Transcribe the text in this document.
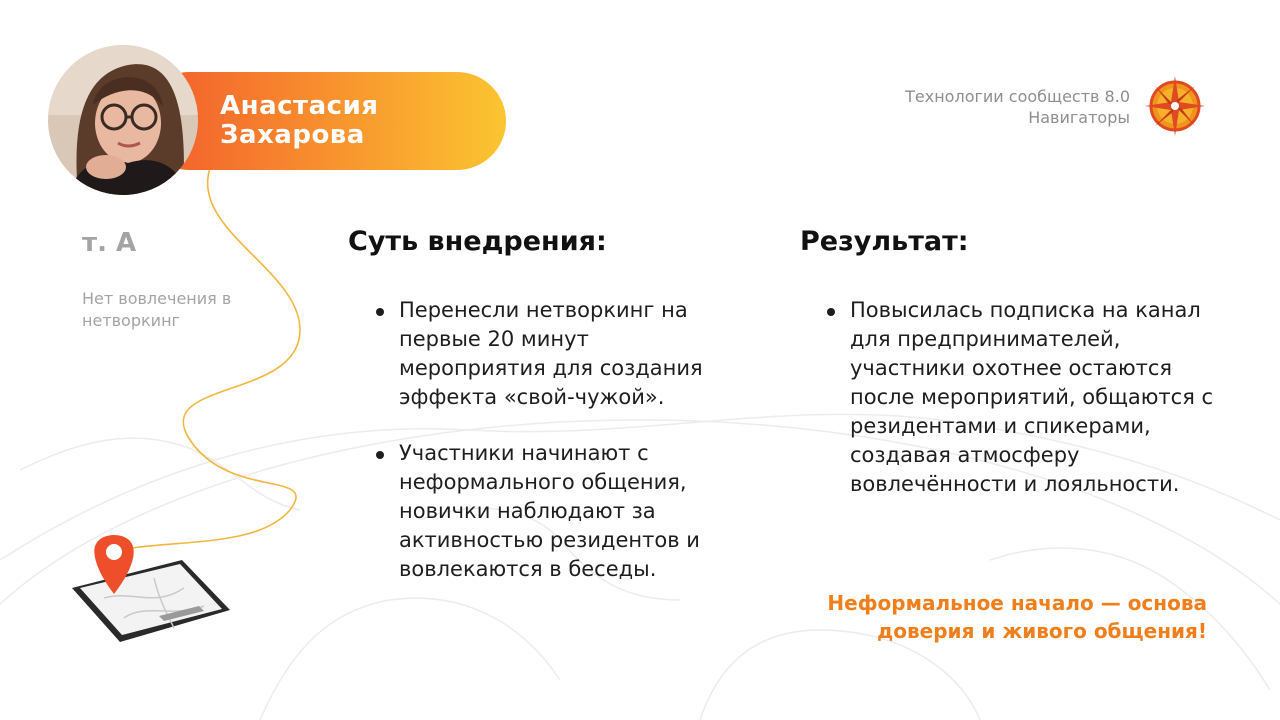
Анастасия Захарова
Технологии сообществ 8.0
Навигаторы
т. А
Нет вовлечения в нетворкинг
Суть внедрения:
Перенесли нетворкинг на первые 20 минут мероприятия для создания эффекта «свой-чужой».
Участники начинают с неформального общения, новички наблюдают за активностью резидентов и вовлекаются в беседы.
Результат:
Повысилась подписка на канал для предпринимателей, участники охотнее остаются после мероприятий, общаются с резидентами и спикерами, создавая атмосферу вовлечённости и лояльности.
Неформальное начало — основа доверия и живого общения!
